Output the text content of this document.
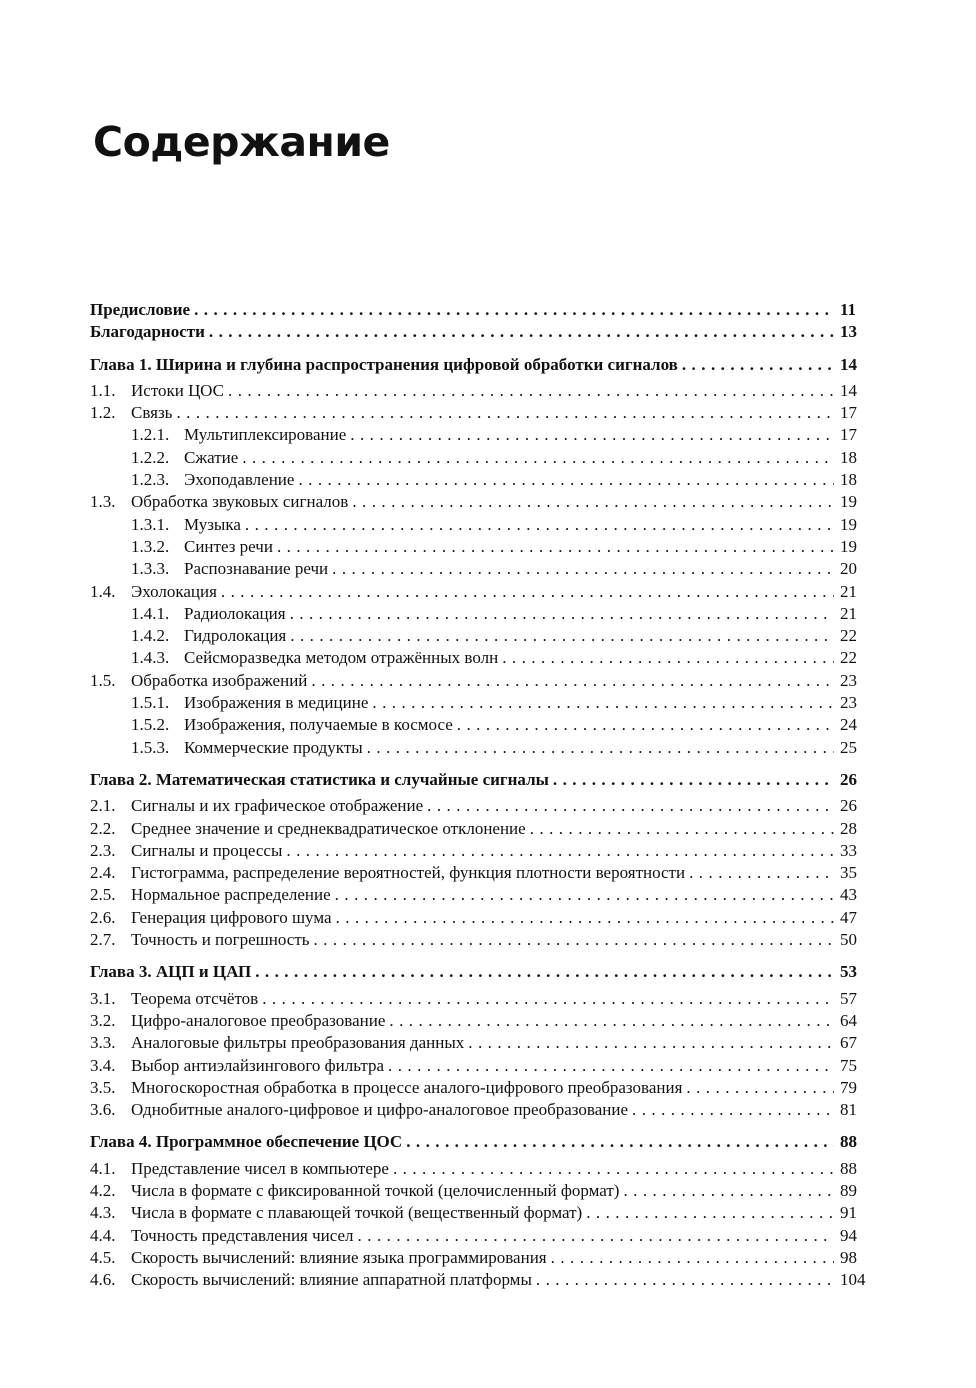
Содержание
Предисловие . . .	11
Благодарности . . .	13
Глава 1. Ширина и глубина распространения цифровой обработки сигналов . . .	14
1.1. Истоки ЦОС . . .	14
1.2. Связь . . .	17
1.2.1. Мультиплексирование . . .	17
1.2.2. Сжатие . . .	18
1.2.3. Эхоподавление . . .	18
1.3. Обработка звуковых сигналов . . .	19
1.3.1. Музыка . . .	19
1.3.2. Синтез речи . . .	19
1.3.3. Распознавание речи . . .	20
1.4. Эхолокация . . .	21
1.4.1. Радиолокация . . .	21
1.4.2. Гидролокация . . .	22
1.4.3. Сейсморазведка методом отражённых волн . . .	22
1.5. Обработка изображений . . .	23
1.5.1. Изображения в медицине . . .	23
1.5.2. Изображения, получаемые в космосе . . .	24
1.5.3. Коммерческие продукты . . .	25
Глава 2. Математическая статистика и случайные сигналы . . .	26
2.1. Сигналы и их графическое отображение . . .	26
2.2. Среднее значение и среднеквадратическое отклонение . . .	28
2.3. Сигналы и процессы . . .	33
2.4. Гистограмма, распределение вероятностей, функция плотности вероятности . . .	35
2.5. Нормальное распределение . . .	43
2.6. Генерация цифрового шума . . .	47
2.7. Точность и погрешность . . .	50
Глава 3. АЦП и ЦАП . . .	53
3.1. Теорема отсчётов . . .	57
3.2. Цифро-аналоговое преобразование . . .	64
3.3. Аналоговые фильтры преобразования данных . . .	67
3.4. Выбор антиэлайзингового фильтра . . .	75
3.5. Многоскоростная обработка в процессе аналого-цифрового преобразования . . .	79
3.6. Однобитные аналого-цифровое и цифро-аналоговое преобразование . . .	81
Глава 4. Программное обеспечение ЦОС . . .	88
4.1. Представление чисел в компьютере . . .	88
4.2. Числа в формате с фиксированной точкой (целочисленный формат) . . .	89
4.3. Числа в формате с плавающей точкой (вещественный формат) . . .	91
4.4. Точность представления чисел . . .	94
4.5. Скорость вычислений: влияние языка программирования . . .	98
4.6. Скорость вычислений: влияние аппаратной платформы . . .	104
